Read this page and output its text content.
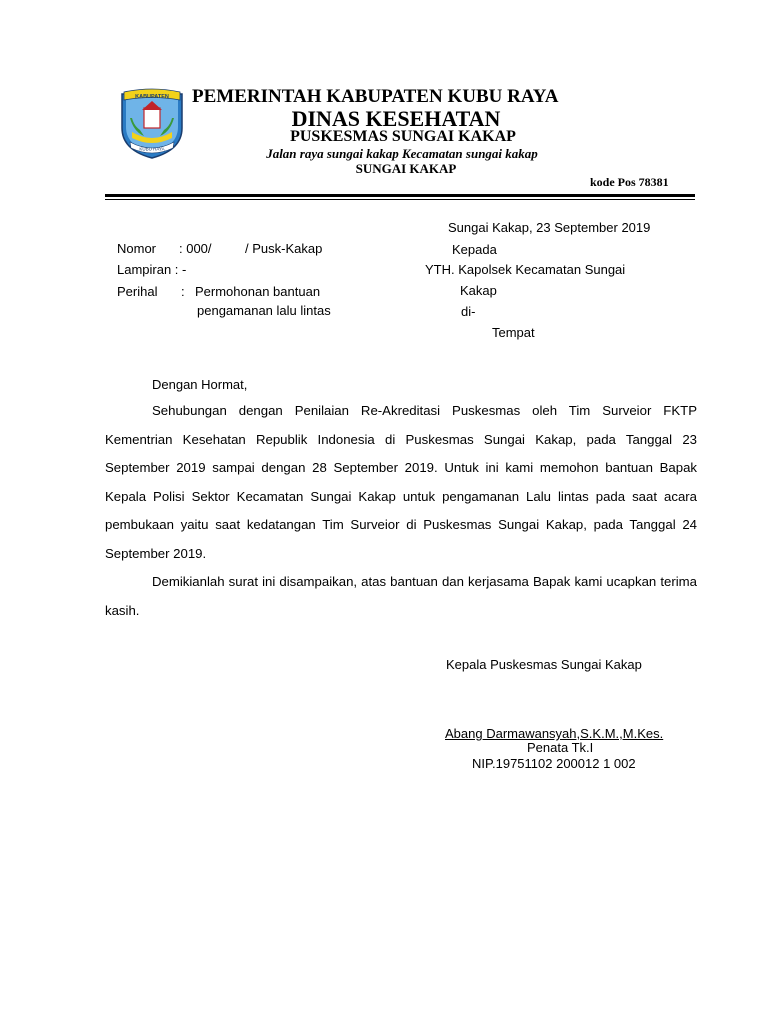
KABUPATEN
KUBU RAYA
PEMERINTAH KABUPATEN KUBU RAYA
DINAS KESEHATAN
PUSKESMAS SUNGAI KAKAP
Jalan raya sungai kakap Kecamatan sungai kakap
SUNGAI KAKAP
kode Pos 78381
Sungai Kakap, 23 September 2019
Kepada
YTH. Kapolsek Kecamatan Sungai
Kakap
di-
Tempat
Nomor : 000/	/ Pusk-Kakap
Lampiran : -
Perihal : Permohonan bantuan
pengamanan lalu lintas
Dengan Hormat,

Sehubungan dengan Penilaian Re-Akreditasi Puskesmas oleh Tim Surveior FKTP Kementrian Kesehatan Republik Indonesia di Puskesmas Sungai Kakap, pada Tanggal 23 September 2019 sampai dengan 28 September 2019. Untuk ini kami memohon bantuan Bapak Kepala Polisi Sektor Kecamatan Sungai Kakap untuk pengamanan Lalu lintas pada saat acara pembukaan yaitu saat kedatangan Tim Surveior di Puskesmas Sungai Kakap, pada Tanggal 24 September 2019.

Demikianlah surat ini disampaikan, atas bantuan dan kerjasama Bapak kami ucapkan terima kasih.

Kepala Puskesmas Sungai Kakap
Abang Darmawansyah,S.K.M.,M.Kes.
Penata Tk.I
NIP.19751102 200012 1 002
